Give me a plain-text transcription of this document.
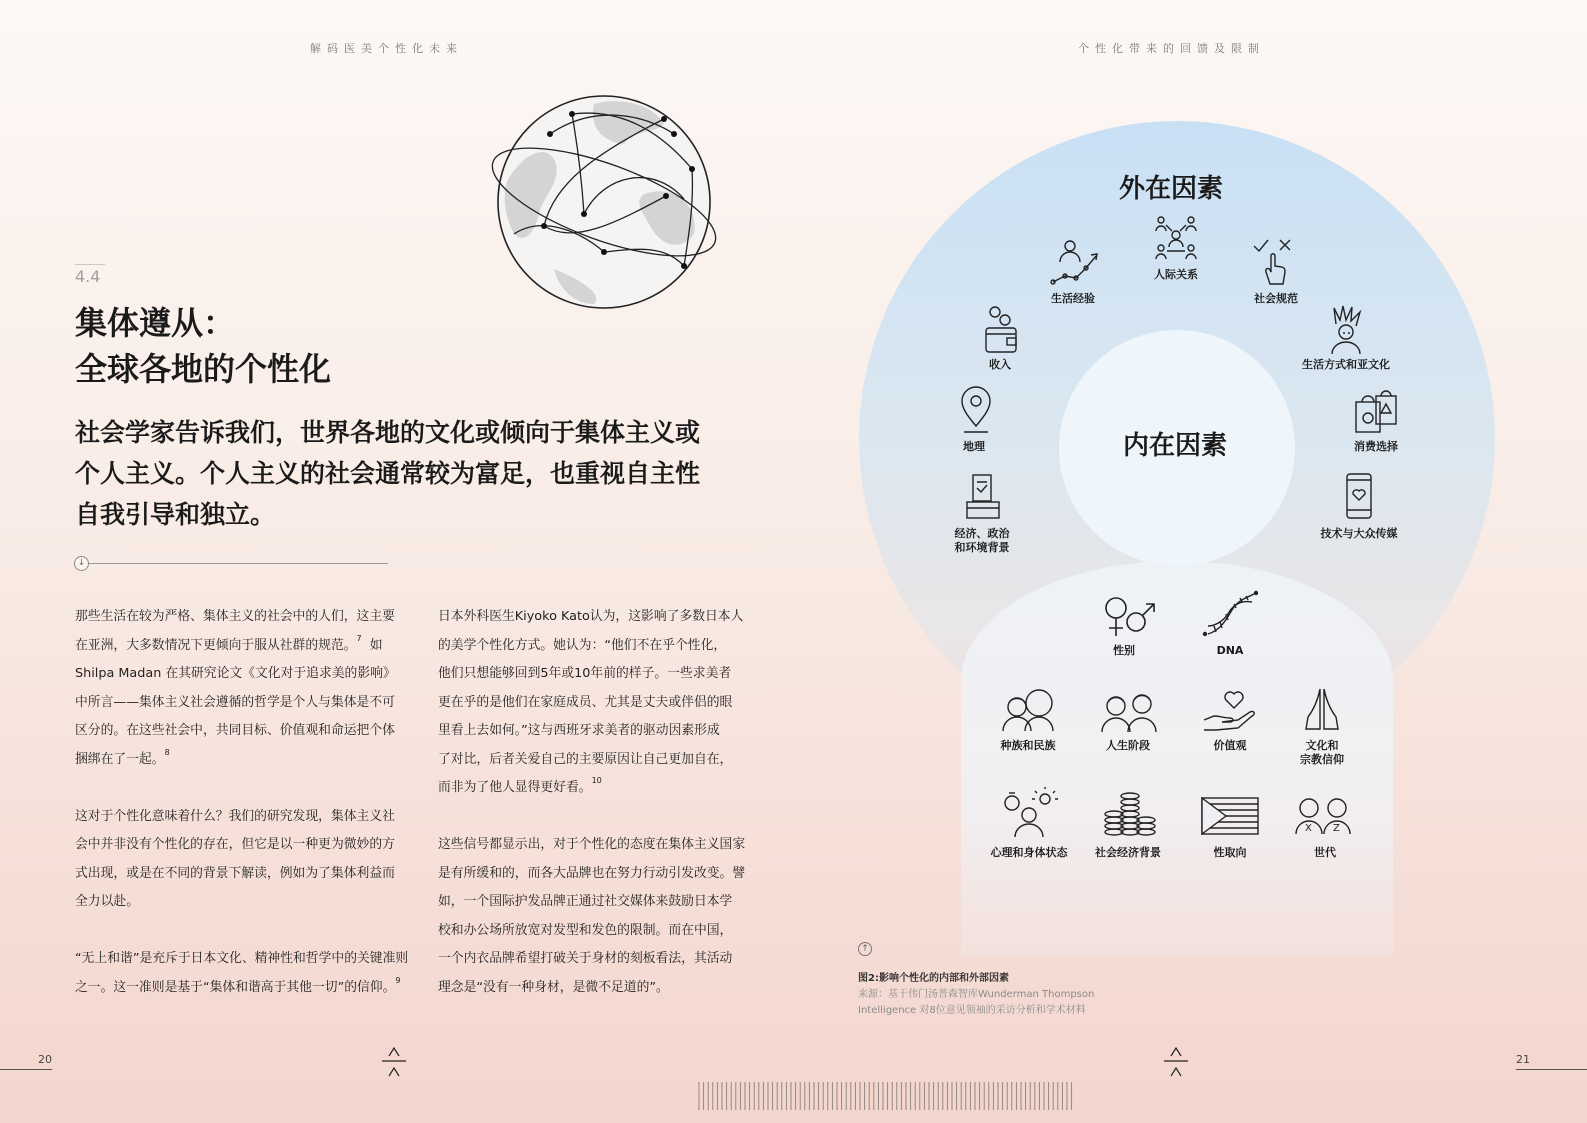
解码医美个性化未来	个性化带来的回馈及限制
4.4
集体遵从：
全球各地的个性化
社会学家告诉我们，世界各地的文化或倾向于集体主义或
个人主义。个人主义的社会通常较为富足，也重视自主性
自我引导和独立。
↓
那些生活在较为严格、集体主义的社会中的人们，这主要
在亚洲，大多数情况下更倾向于服从社群的规范。$^7$ 如
Shilpa Madan 在其研究论文《文化对于追求美的影响》
中所言——集体主义社会遵循的哲学是个人与集体是不可
区分的。在这些社会中，共同目标、价值观和命运把个体
捆绑在了一起。$^8$
这对于个性化意味着什么？我们的研究发现，集体主义社
会中并非没有个性化的存在，但它是以一种更为微妙的方
式出现，或是在不同的背景下解读，例如为了集体利益而
全力以赴。
“无上和谐”是充斥于日本文化、精神性和哲学中的关键准则
之一。这一准则是基于“集体和谐高于其他一切”的信仰。$^9$
日本外科医生Kiyoko Kato认为，这影响了多数日本人
的美学个性化方式。她认为：“他们不在乎个性化，
他们只想能够回到5年或10年前的样子。一些求美者
更在乎的是他们在家庭成员、尤其是丈夫或伴侣的眼
里看上去如何。”这与西班牙求美者的驱动因素形成
了对比，后者关爱自己的主要原因让自己更加自在，
而非为了他人显得更好看。$^{10}$
这些信号都显示出，对于个性化的态度在集体主义国家
是有所缓和的，而各大品牌也在努力行动引发改变。譬
如，一个国际护发品牌正通过社交媒体来鼓励日本学
校和办公场所放宽对发型和发色的限制。而在中国，
一个内衣品牌希望打破关于身材的刻板看法，其活动
理念是“没有一种身材，是微不足道的”。
外在因素
内在因素
人际关系
生活经验	社会规范
收入	生活方式和亚文化
地理	消费选择
经济、政治
和环境背景
技术与大众传媒
性别	DNA
种族和民族	人生阶段	价值观	文化和
宗教信仰
心理和身体状态	社会经济背景	性取向
X Z
世代
↑
图2:影响个性化的内部和外部因素
来源：基于伟门汤普森智库Wunderman Thompson
Intelligence 对8位意见领袖的采访分析和学术材料
20	21
